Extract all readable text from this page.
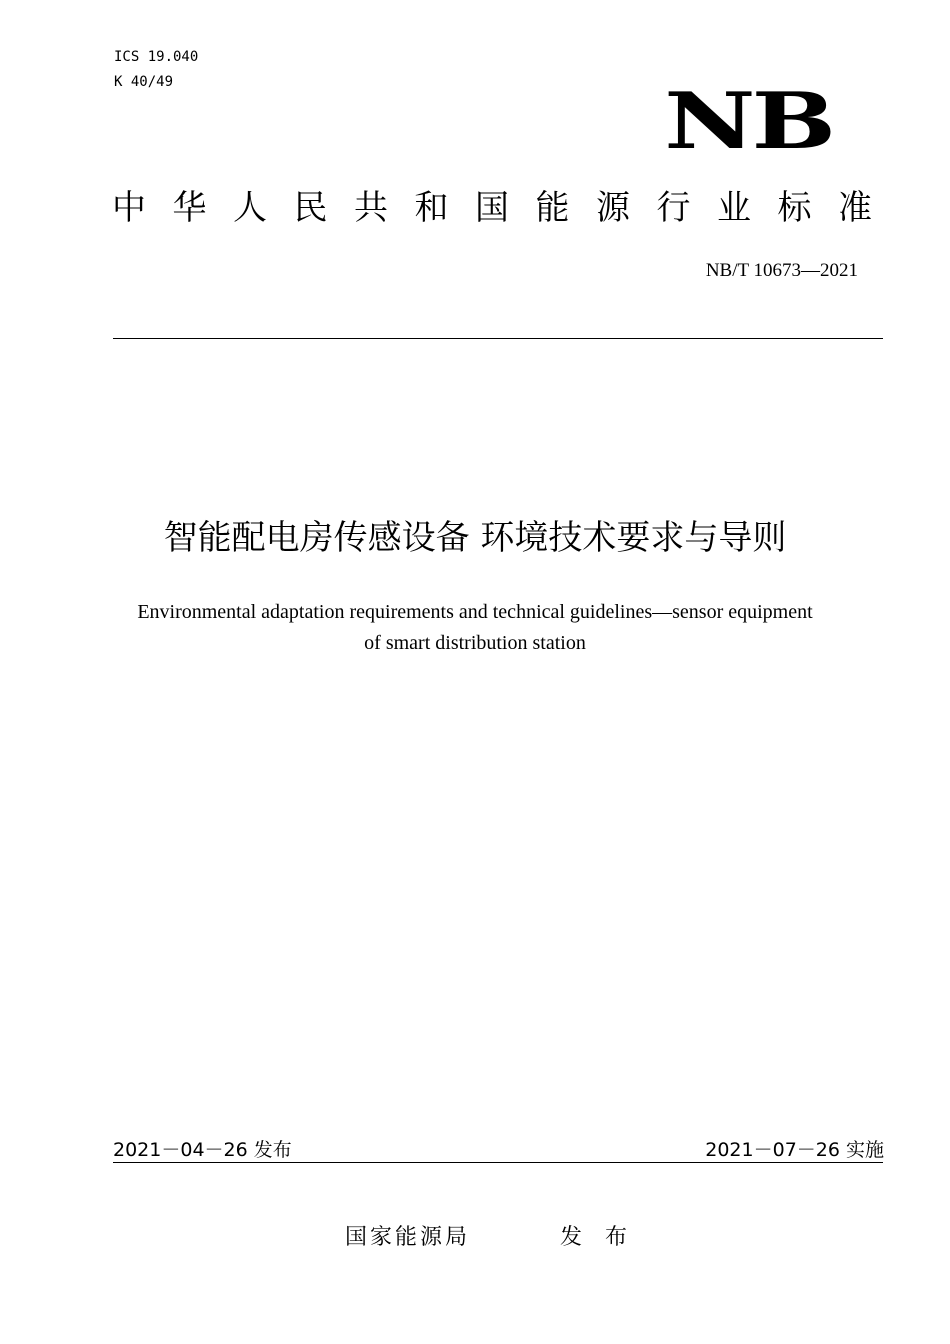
ICS 19.040
K 40/49	NB
中华人民共和国能源行业标准
NB/T 10673—2021
智能配电房传感设备 环境技术要求与导则
Environmental adaptation requirements and technical guidelines—sensor equipment
of smart distribution station
2021－04－26 发布	2021－07－26 实施
国家能源局	发 布
